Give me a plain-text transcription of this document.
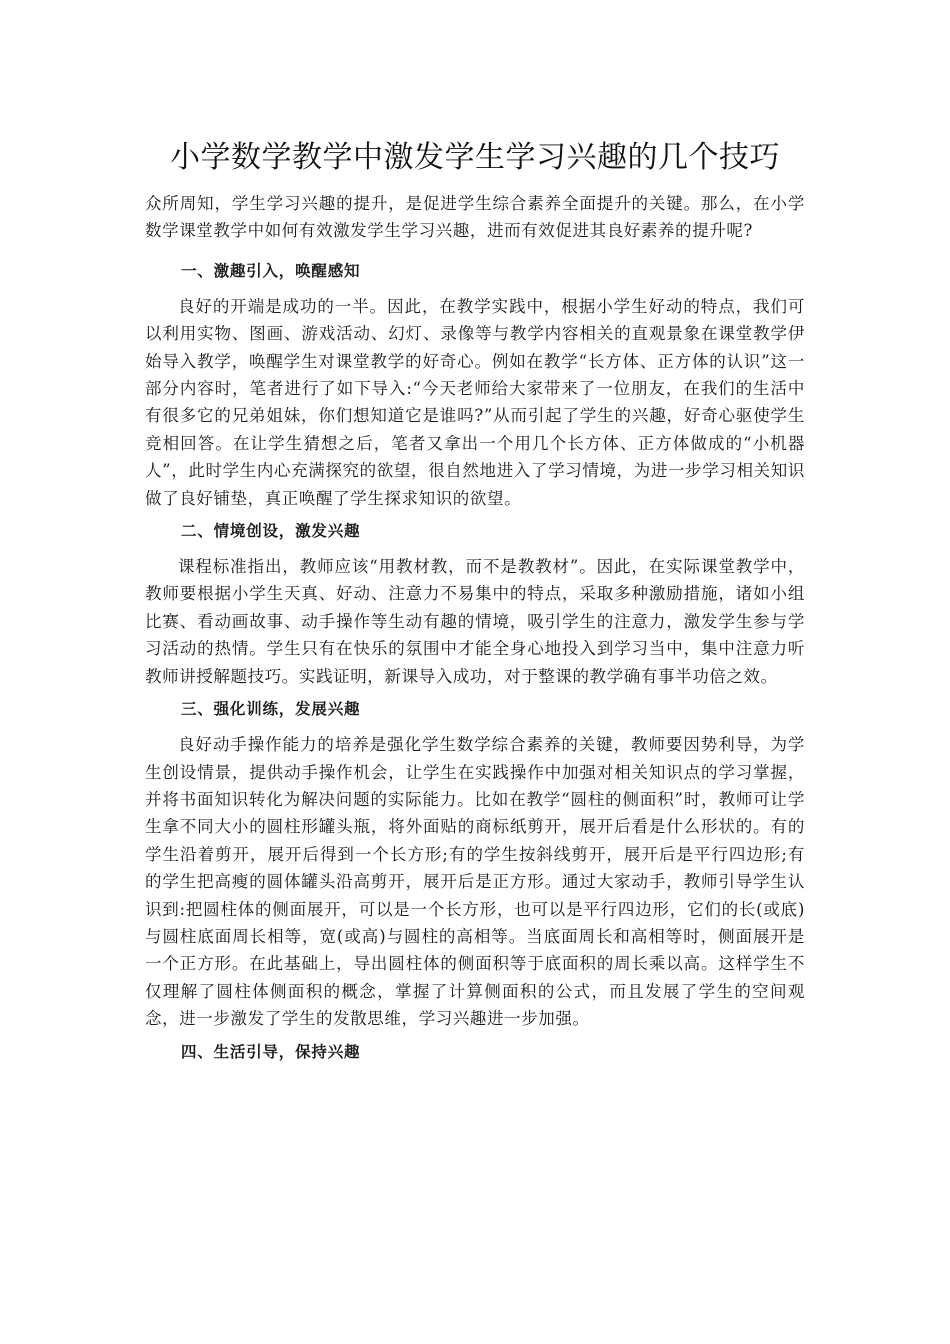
小学数学教学中激发学生学习兴趣的几个技巧

众所周知，学生学习兴趣的提升，是促进学生综合素养全面提升的关键。那么，在小学数学课堂教学中如何有效激发学生学习兴趣，进而有效促进其良好素养的提升呢?

一、激趣引入，唤醒感知

良好的开端是成功的一半。因此，在教学实践中，根据小学生好动的特点，我们可以利用实物、图画、游戏活动、幻灯、录像等与教学内容相关的直观景象在课堂教学伊始导入教学，唤醒学生对课堂教学的好奇心。例如在教学“长方体、正方体的认识”这一部分内容时，笔者进行了如下导入:“今天老师给大家带来了一位朋友，在我们的生活中有很多它的兄弟姐妹，你们想知道它是谁吗?”从而引起了学生的兴趣，好奇心驱使学生竞相回答。在让学生猜想之后，笔者又拿出一个用几个长方体、正方体做成的“小机器人”，此时学生内心充满探究的欲望，很自然地进入了学习情境，为进一步学习相关知识做了良好铺垫，真正唤醒了学生探求知识的欲望。

二、情境创设，激发兴趣

课程标准指出，教师应该“用教材教，而不是教教材”。因此，在实际课堂教学中，教师要根据小学生天真、好动、注意力不易集中的特点，采取多种激励措施，诸如小组比赛、看动画故事、动手操作等生动有趣的情境，吸引学生的注意力，激发学生参与学习活动的热情。学生只有在快乐的氛围中才能全身心地投入到学习当中，集中注意力听教师讲授解题技巧。实践证明，新课导入成功，对于整课的教学确有事半功倍之效。

三、强化训练，发展兴趣

良好动手操作能力的培养是强化学生数学综合素养的关键，教师要因势利导，为学生创设情景，提供动手操作机会，让学生在实践操作中加强对相关知识点的学习掌握，并将书面知识转化为解决问题的实际能力。比如在教学“圆柱的侧面积”时，教师可让学生拿不同大小的圆柱形罐头瓶，将外面贴的商标纸剪开，展开后看是什么形状的。有的学生沿着剪开，展开后得到一个长方形;有的学生按斜线剪开，展开后是平行四边形;有的学生把高瘦的圆体罐头沿高剪开，展开后是正方形。通过大家动手，教师引导学生认识到:把圆柱体的侧面展开，可以是一个长方形，也可以是平行四边形，它们的长(或底)与圆柱底面周长相等，宽(或高)与圆柱的高相等。当底面周长和高相等时，侧面展开是一个正方形。在此基础上，导出圆柱体的侧面积等于底面积的周长乘以高。这样学生不仅理解了圆柱体侧面积的概念，掌握了计算侧面积的公式，而且发展了学生的空间观念，进一步激发了学生的发散思维，学习兴趣进一步加强。

四、生活引导，保持兴趣
